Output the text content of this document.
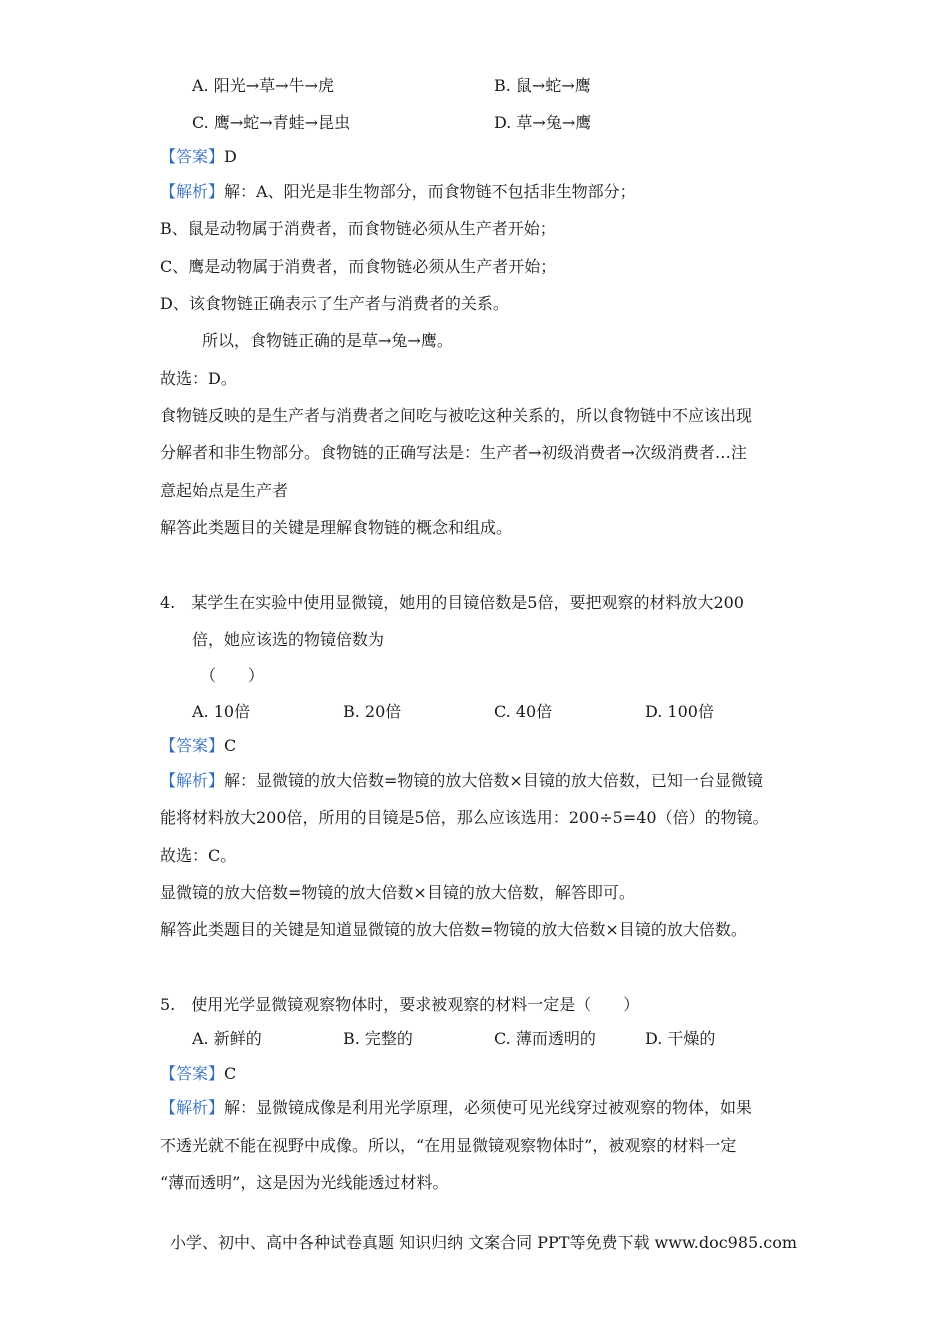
A. 阳光→草→牛→虎	B. 鼠→蛇→鹰
C. 鹰→蛇→青蛙→昆虫	D. 草→兔→鹰
【答案】D
【解析】解：A、阳光是非生物部分，而食物链不包括非生物部分；
B、鼠是动物属于消费者，而食物链必须从生产者开始；
C、鹰是动物属于消费者，而食物链必须从生产者开始；
D、该食物链正确表示了生产者与消费者的关系。
所以，食物链正确的是草→兔→鹰。
故选：D。
食物链反映的是生产者与消费者之间吃与被吃这种关系的，所以食物链中不应该出现
分解者和非生物部分。食物链的正确写法是：生产者→初级消费者→次级消费者…注
意起始点是生产者
解答此类题目的关键是理解食物链的概念和组成。
4.　某学生在实验中使用显微镜，她用的目镜倍数是5倍，要把观察的材料放大200
倍，她应该选的物镜倍数为
（　　）
A. 10倍	B. 20倍	C. 40倍	D. 100倍
【答案】C
【解析】解：显微镜的放大倍数=物镜的放大倍数×目镜的放大倍数，已知一台显微镜
能将材料放大200倍，所用的目镜是5倍，那么应该选用：200÷5=40（倍）的物镜。
故选：C。
显微镜的放大倍数=物镜的放大倍数×目镜的放大倍数，解答即可。
解答此类题目的关键是知道显微镜的放大倍数=物镜的放大倍数×目镜的放大倍数。
5.　使用光学显微镜观察物体时，要求被观察的材料一定是（　　）
A. 新鲜的	B. 完整的	C. 薄而透明的	D. 干燥的
【答案】C
【解析】解：显微镜成像是利用光学原理，必须使可见光线穿过被观察的物体，如果
不透光就不能在视野中成像。所以，“在用显微镜观察物体时”，被观察的材料一定
“薄而透明”，这是因为光线能透过材料。
小学、初中、高中各种试卷真题 知识归纳 文案合同 PPT等免费下载 www.doc985.com
